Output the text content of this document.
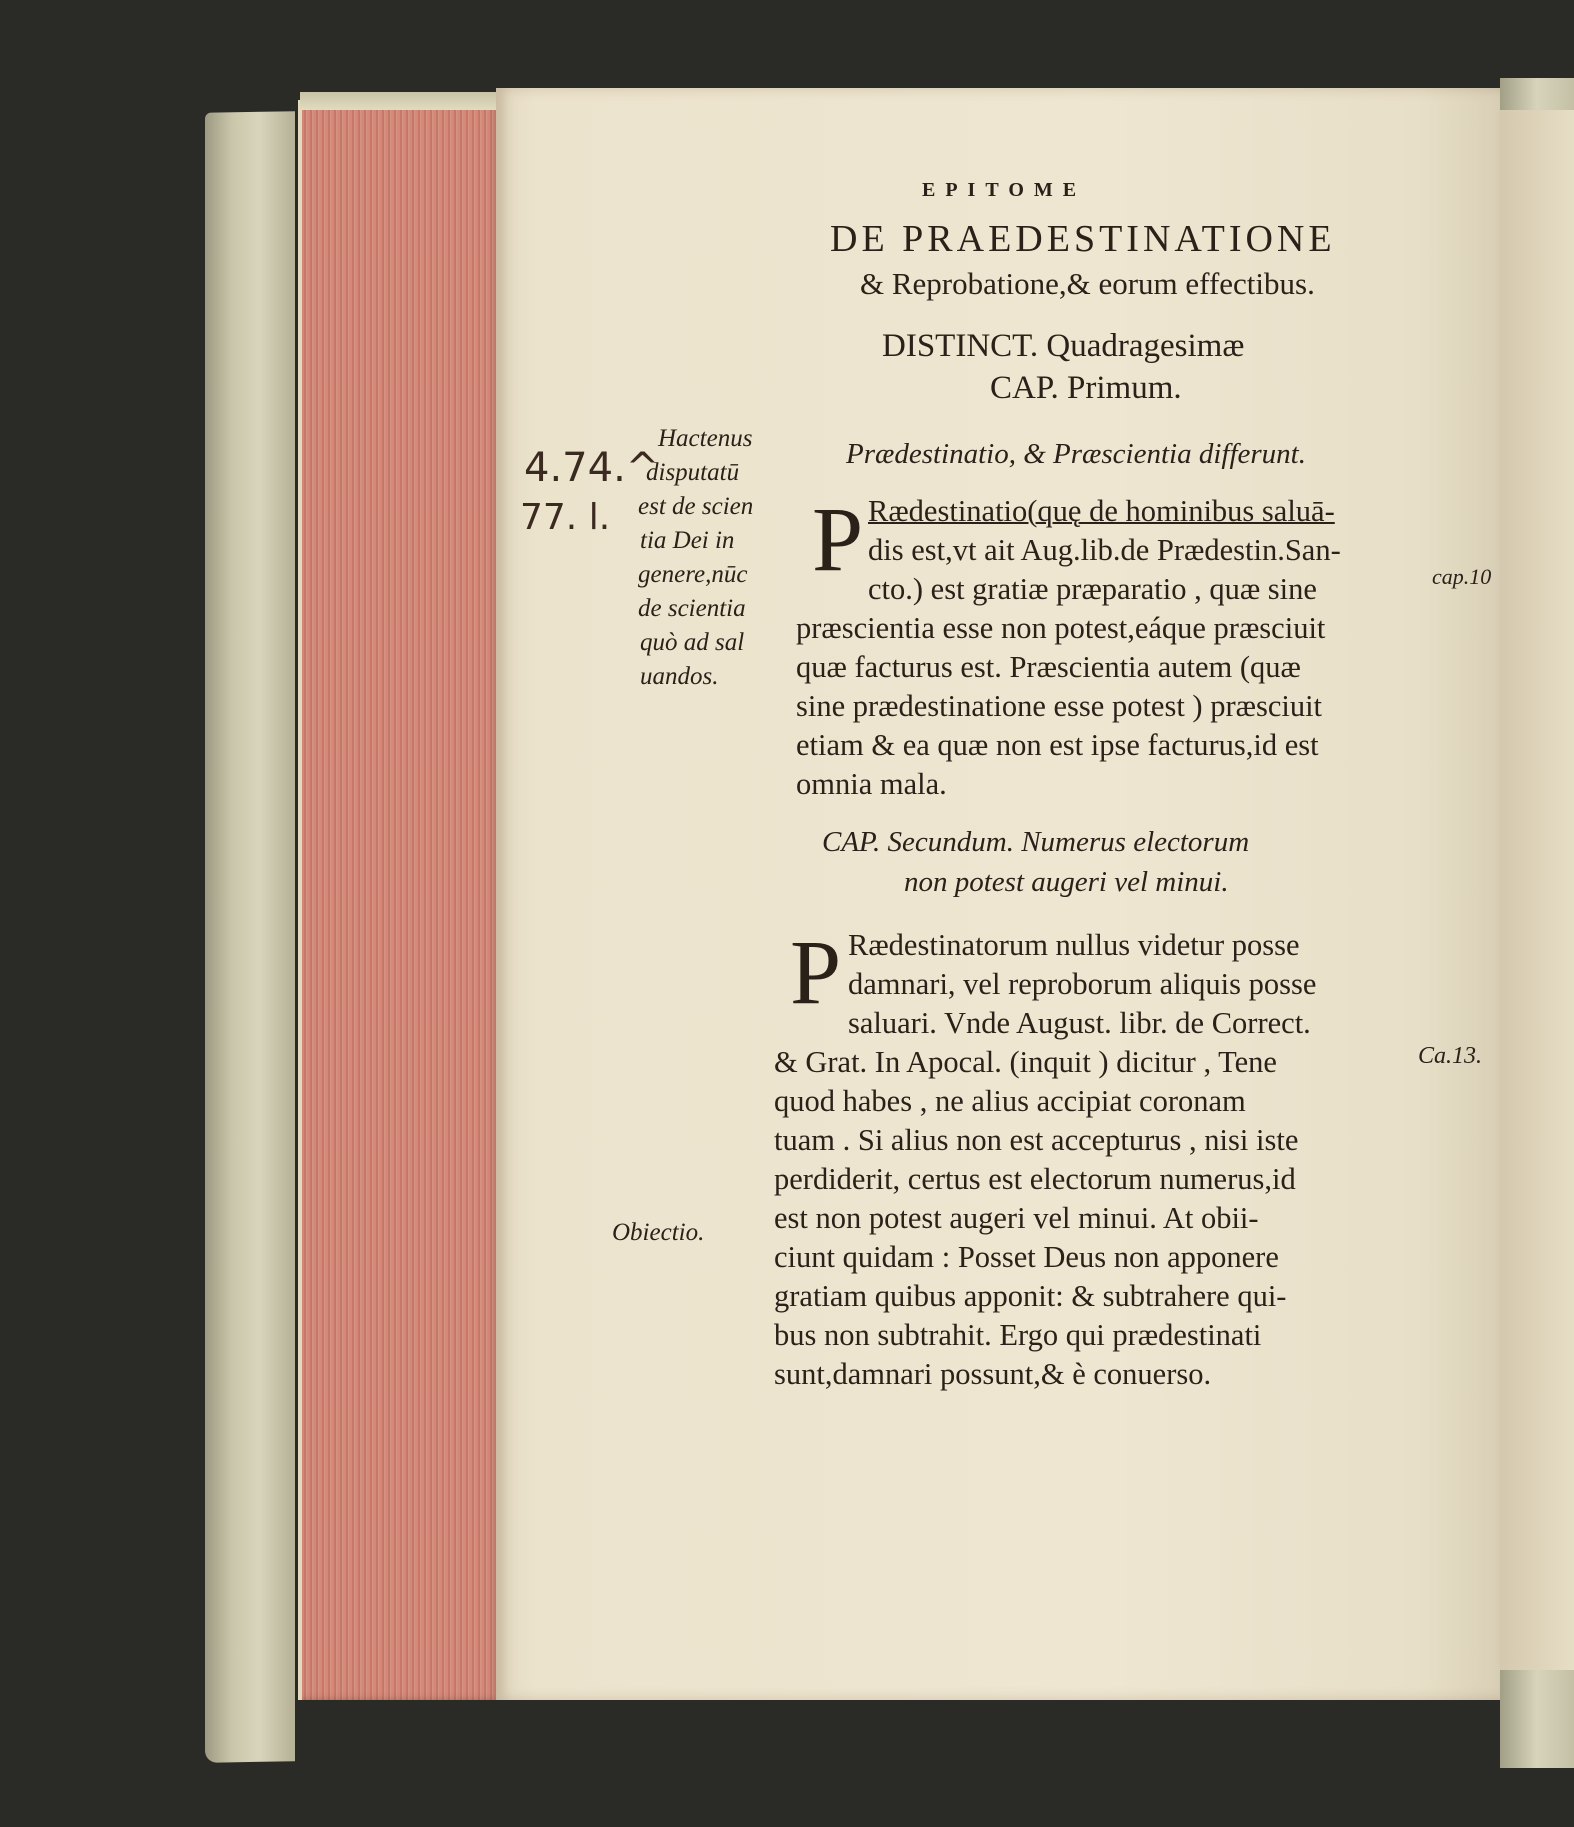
EPITOME
DE PRAEDESTINATIONE
& Reprobatione,& eorum effectibus.
DISTINCT. Quadragesimæ
CAP. Primum.
Prædestinatio, & Præscientia differunt.
P Rædestinatio(quę de hominibus saluā-
dis est,vt ait Aug.lib.de Prædestin.San-
cto.) est gratiæ præparatio , quæ sine
præscientia esse non potest,eáque præsciuit
quæ facturus est. Præscientia autem (quæ
sine prædestinatione esse potest ) præsciuit
etiam & ea quæ non est ipse facturus,id est
omnia mala.
CAP. Secundum. Numerus electorum
non potest augeri vel minui.
P Rædestinatorum nullus videtur posse
damnari, vel reproborum aliquis posse
saluari. Vnde August. libr. de Correct.
& Grat. In Apocal. (inquit ) dicitur , Tene
quod habes , ne alius accipiat coronam
tuam . Si alius non est accepturus , nisi iste
perdiderit, certus est electorum numerus,id
est non potest augeri vel minui. At obii-
ciunt quidam : Posset Deus non apponere
gratiam quibus apponit: & subtrahere qui-
bus non subtrahit. Ergo qui prædestinati
sunt,damnari possunt,& è conuerso.
Hactenus
disputatū
est de scien
tia Dei in
genere,nūc
de scientia
quò ad sal
uandos.
Obiectio.
cap.10
Ca.13.
4.74.^
77. l.
